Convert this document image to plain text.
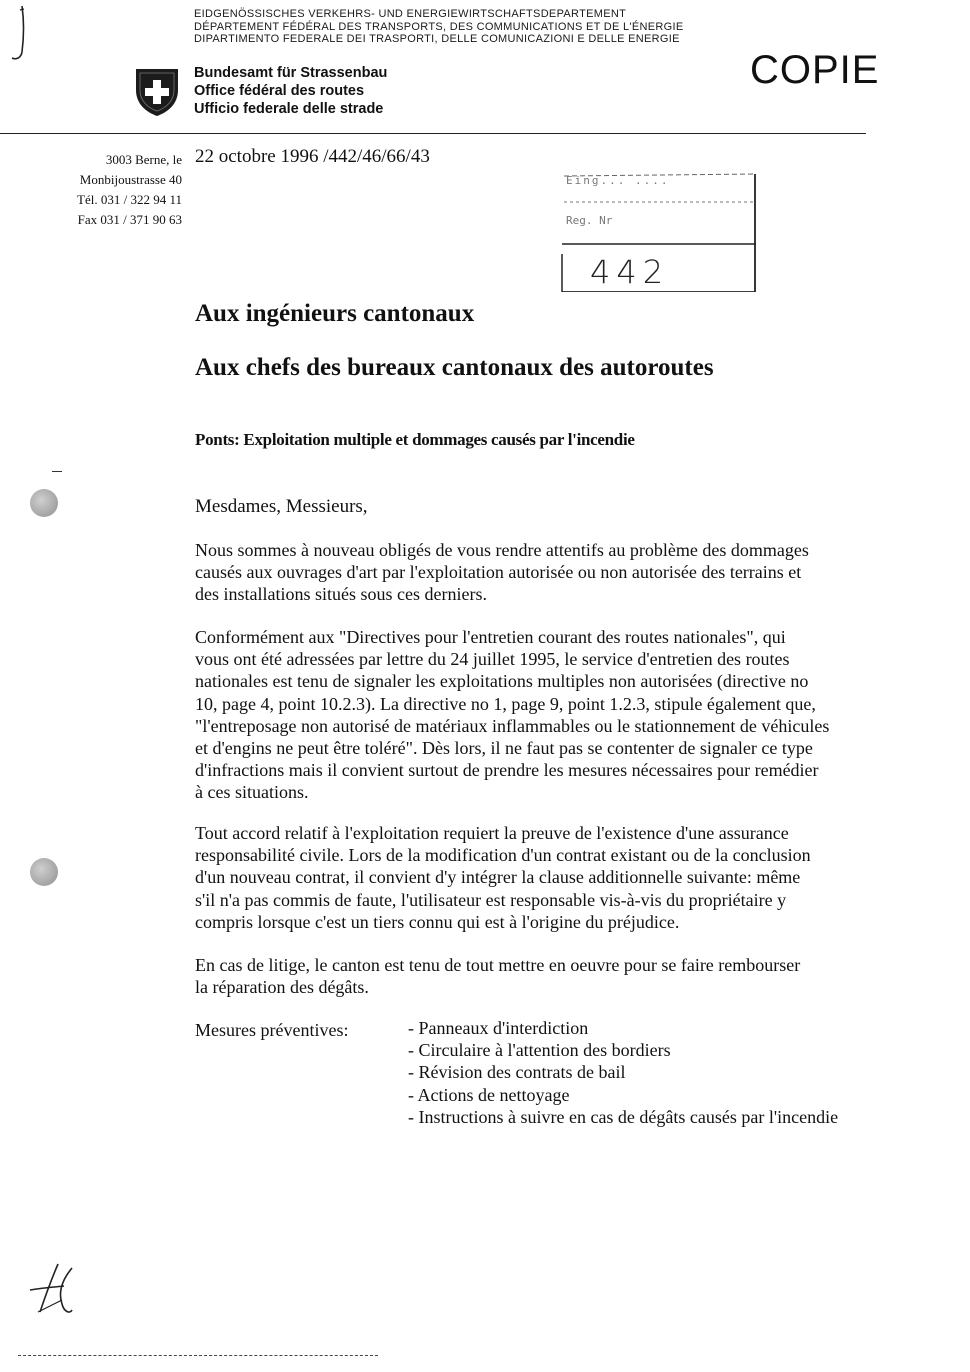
EIDGENÖSSISCHES VERKEHRS- UND ENERGIEWIRTSCHAFTSDEPARTEMENT
DÉPARTEMENT FÉDÉRAL DES TRANSPORTS, DES COMMUNICATIONS ET DE L'ÉNERGIE
DIPARTIMENTO FEDERALE DEI TRASPORTI, DELLE COMUNICAZIONI E DELLE ENERGIE
Bundesamt für Strassenbau
Office fédéral des routes
Ufficio federale delle strade
COPIE
3003 Berne, le
Monbijoustrasse 40
Tél. 031 / 322 94 11
Fax 031 / 371 90 63
22 octobre 1996 /442/46/66/43
Eing... ....
Reg. Nr
442
Aux ingénieurs cantonaux
Aux chefs des bureaux cantonaux des autoroutes
Ponts: Exploitation multiple et dommages causés par l'incendie
Mesdames, Messieurs,
Nous sommes à nouveau obligés de vous rendre attentifs au problème des dommages
causés aux ouvrages d'art par l'exploitation autorisée ou non autorisée des terrains et
des installations situés sous ces derniers.
Conformément aux "Directives pour l'entretien courant des routes nationales", qui
vous ont été adressées par lettre du 24 juillet 1995, le service d'entretien des routes
nationales est tenu de signaler les exploitations multiples non autorisées (directive no
10, page 4, point 10.2.3). La directive no 1, page 9, point 1.2.3, stipule également que,
"l'entreposage non autorisé de matériaux inflammables ou le stationnement de véhicules
et d'engins ne peut être toléré". Dès lors, il ne faut pas se contenter de signaler ce type
d'infractions mais il convient surtout de prendre les mesures nécessaires pour remédier
à ces situations.
Tout accord relatif à l'exploitation requiert la preuve de l'existence d'une assurance
responsabilité civile. Lors de la modification d'un contrat existant ou de la conclusion
d'un nouveau contrat, il convient d'y intégrer la clause additionnelle suivante: même
s'il n'a pas commis de faute, l'utilisateur est responsable vis-à-vis du propriétaire y
compris lorsque c'est un tiers connu qui est à l'origine du préjudice.
En cas de litige, le canton est tenu de tout mettre en oeuvre pour se faire rembourser
la réparation des dégâts.
Mesures préventives:	- Panneaux d'interdiction
- Circulaire à l'attention des bordiers
- Révision des contrats de bail
- Actions de nettoyage
- Instructions à suivre en cas de dégâts causés par l'incendie
